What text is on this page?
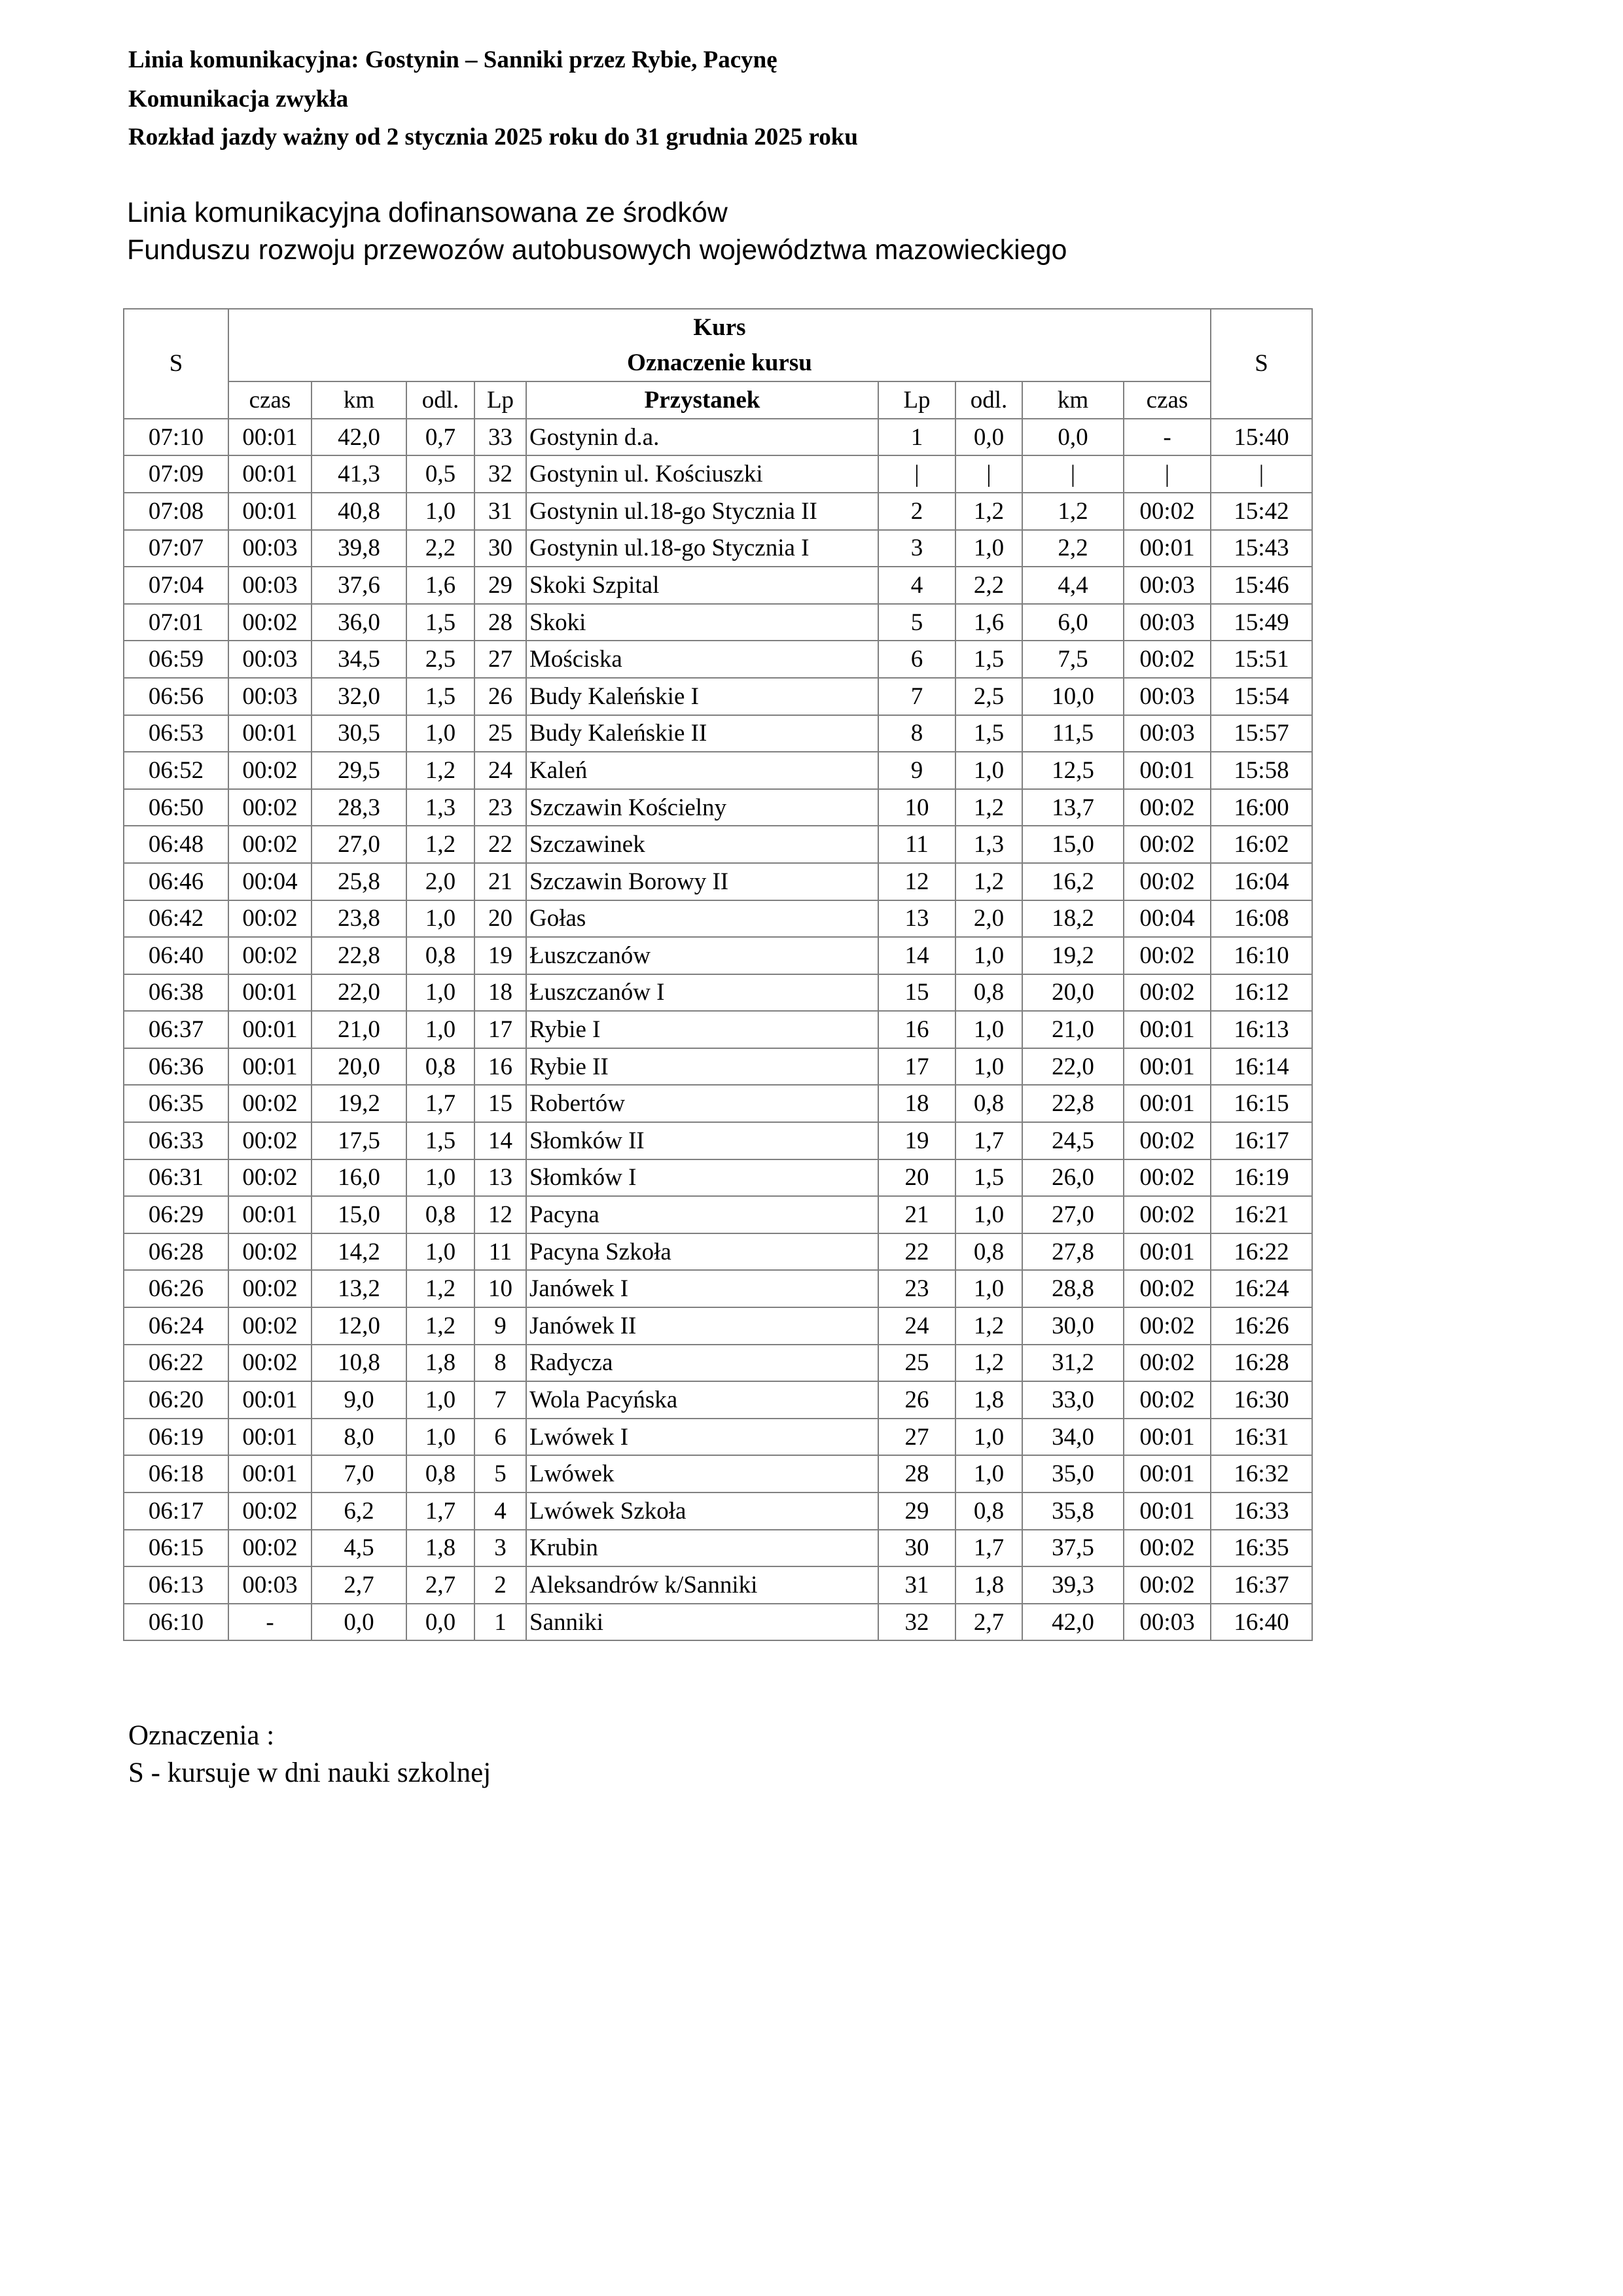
Linia komunikacyjna: Gostynin – Sanniki przez Rybie, Pacynę
Komunikacja zwykła
Rozkład jazdy ważny od 2 stycznia 2025 roku do 31 grudnia 2025 roku
Linia komunikacyjna dofinansowana ze środków
Funduszu rozwoju przewozów autobusowych województwa mazowieckiego
	Kurs									
S	Oznaczenie kursu									S
	czas	km	odl.	Lp	Przystanek	Lp	odl.	km	czas	
07:10	00:01	42,0	0,7	33	Gostynin d.a.	1	0,0	0,0	-	15:40
07:09	00:01	41,3	0,5	32	Gostynin ul. Kościuszki	|	|	|	|	|
07:08	00:01	40,8	1,0	31	Gostynin ul.18-go Stycznia II	2	1,2	1,2	00:02	15:42
07:07	00:03	39,8	2,2	30	Gostynin ul.18-go Stycznia I	3	1,0	2,2	00:01	15:43
07:04	00:03	37,6	1,6	29	Skoki Szpital	4	2,2	4,4	00:03	15:46
07:01	00:02	36,0	1,5	28	Skoki	5	1,6	6,0	00:03	15:49
06:59	00:03	34,5	2,5	27	Mościska	6	1,5	7,5	00:02	15:51
06:56	00:03	32,0	1,5	26	Budy Kaleńskie I	7	2,5	10,0	00:03	15:54
06:53	00:01	30,5	1,0	25	Budy Kaleńskie II	8	1,5	11,5	00:03	15:57
06:52	00:02	29,5	1,2	24	Kaleń	9	1,0	12,5	00:01	15:58
06:50	00:02	28,3	1,3	23	Szczawin Kościelny	10	1,2	13,7	00:02	16:00
06:48	00:02	27,0	1,2	22	Szczawinek	11	1,3	15,0	00:02	16:02
06:46	00:04	25,8	2,0	21	Szczawin Borowy II	12	1,2	16,2	00:02	16:04
06:42	00:02	23,8	1,0	20	Gołas	13	2,0	18,2	00:04	16:08
06:40	00:02	22,8	0,8	19	Łuszczanów	14	1,0	19,2	00:02	16:10
06:38	00:01	22,0	1,0	18	Łuszczanów I	15	0,8	20,0	00:02	16:12
06:37	00:01	21,0	1,0	17	Rybie I	16	1,0	21,0	00:01	16:13
06:36	00:01	20,0	0,8	16	Rybie II	17	1,0	22,0	00:01	16:14
06:35	00:02	19,2	1,7	15	Robertów	18	0,8	22,8	00:01	16:15
06:33	00:02	17,5	1,5	14	Słomków II	19	1,7	24,5	00:02	16:17
06:31	00:02	16,0	1,0	13	Słomków I	20	1,5	26,0	00:02	16:19
06:29	00:01	15,0	0,8	12	Pacyna	21	1,0	27,0	00:02	16:21
06:28	00:02	14,2	1,0	11	Pacyna Szkoła	22	0,8	27,8	00:01	16:22
06:26	00:02	13,2	1,2	10	Janówek I	23	1,0	28,8	00:02	16:24
06:24	00:02	12,0	1,2	9	Janówek II	24	1,2	30,0	00:02	16:26
06:22	00:02	10,8	1,8	8	Radycza	25	1,2	31,2	00:02	16:28
06:20	00:01	9,0	1,0	7	Wola Pacyńska	26	1,8	33,0	00:02	16:30
06:19	00:01	8,0	1,0	6	Lwówek I	27	1,0	34,0	00:01	16:31
06:18	00:01	7,0	0,8	5	Lwówek	28	1,0	35,0	00:01	16:32
06:17	00:02	6,2	1,7	4	Lwówek Szkoła	29	0,8	35,8	00:01	16:33
06:15	00:02	4,5	1,8	3	Krubin	30	1,7	37,5	00:02	16:35
06:13	00:03	2,7	2,7	2	Aleksandrów k/Sanniki	31	1,8	39,3	00:02	16:37
06:10	-	0,0	0,0	1	Sanniki	32	2,7	42,0	00:03	16:40
Oznaczenia :
S - kursuje w dni nauki szkolnej
